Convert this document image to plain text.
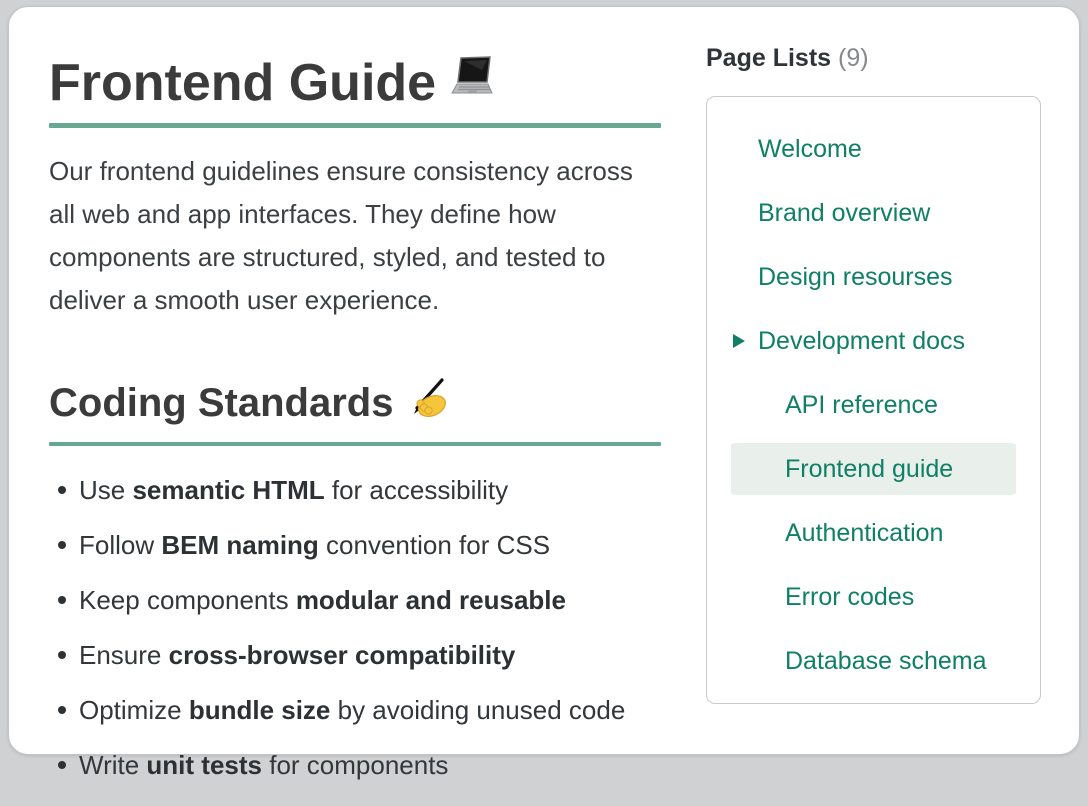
Frontend Guide

Our frontend guidelines ensure consistency across all web and app interfaces. They define how components are structured, styled, and tested to deliver a smooth user experience.

Coding Standards
Use semantic HTML for accessibility
Follow BEM naming convention for CSS
Keep components modular and reusable
Ensure cross-browser compatibility
Optimize bundle size by avoiding unused code
Write unit tests for components
Page Lists (9)
Welcome
Brand overview
Design resourses
Development docs
API reference
Frontend guide
Authentication
Error codes
Database schema
